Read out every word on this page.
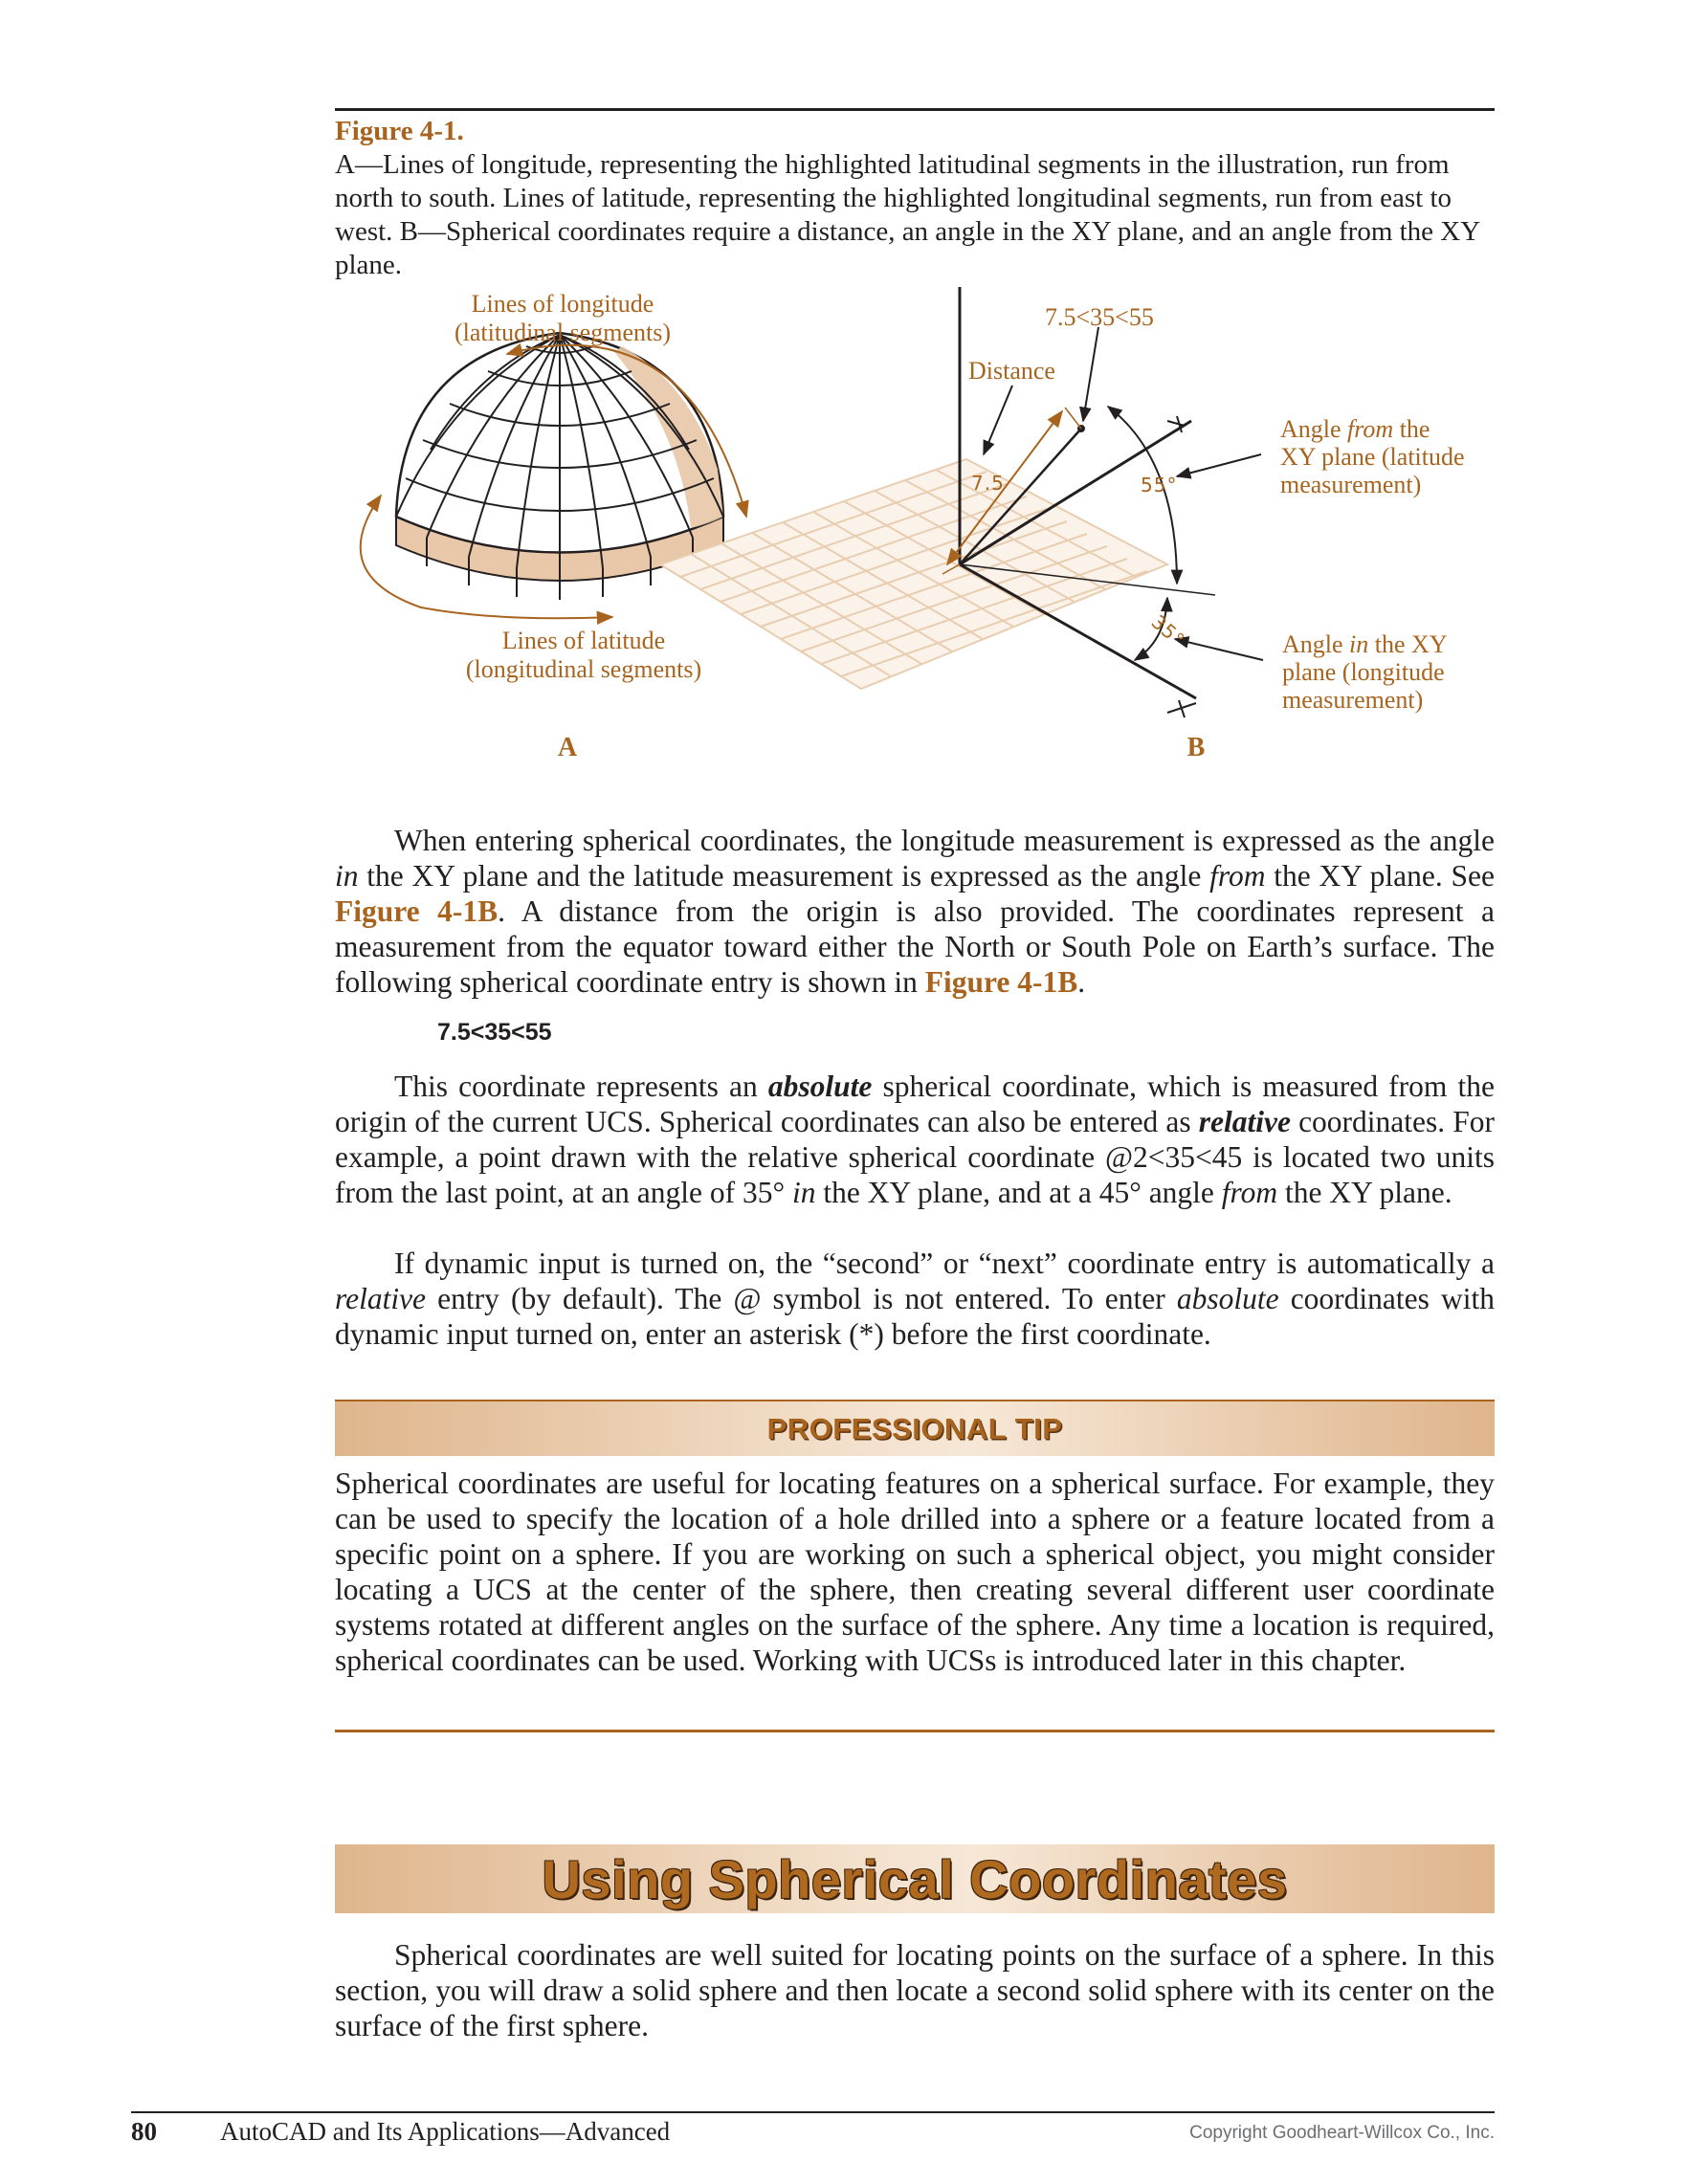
Figure 4-1.
A—Lines of longitude, representing the highlighted latitudinal segments in the illustration, run from north to south. Lines of latitude, representing the highlighted longitudinal segments, run from east to west. B—Spherical coordinates require a distance, an angle in the XY plane, and an angle from the XY plane.
Lines of longitude
(latitudinal segments)
Lines of latitude
(longitudinal segments)
A
7.5	55°
35°
7.5<35<55
Distance
Angle from the
XY plane (latitude
measurement)
Angle in the XY
plane (longitude
measurement)
B
When entering spherical coordinates, the longitude measurement is expressed as the angle in the XY plane and the latitude measurement is expressed as the angle from the XY plane. See Figure 4-1B. A distance from the origin is also provided. The coordinates represent a measurement from the equator toward either the North or South Pole on Earth’s surface. The following spherical coordinate entry is shown in Figure 4-1B.
7.5<35<55
This coordinate represents an absolute spherical coordinate, which is measured from the origin of the current UCS. Spherical coordinates can also be entered as relative coordinates. For example, a point drawn with the relative spherical coordinate @2<35<45 is located two units from the last point, at an angle of 35° in the XY plane, and at a 45° angle from the XY plane.
If dynamic input is turned on, the “second” or “next” coordinate entry is automatically a relative entry (by default). The @ symbol is not entered. To enter absolute coordinates with dynamic input turned on, enter an asterisk (*) before the first coordinate.
PROFESSIONAL TIP
Spherical coordinates are useful for locating features on a spherical surface. For example, they can be used to specify the location of a hole drilled into a sphere or a feature located from a specific point on a sphere. If you are working on such a spherical object, you might consider locating a UCS at the center of the sphere, then creating several different user coordinate systems rotated at different angles on the surface of the sphere. Any time a location is required, spherical coordinates can be used. Working with UCSs is introduced later in this chapter.
Using Spherical Coordinates
Spherical coordinates are well suited for locating points on the surface of a sphere. In this section, you will draw a solid sphere and then locate a second solid sphere with its center on the surface of the first sphere.
80 AutoCAD and Its Applications—Advanced	Copyright Goodheart-Willcox Co., Inc.
